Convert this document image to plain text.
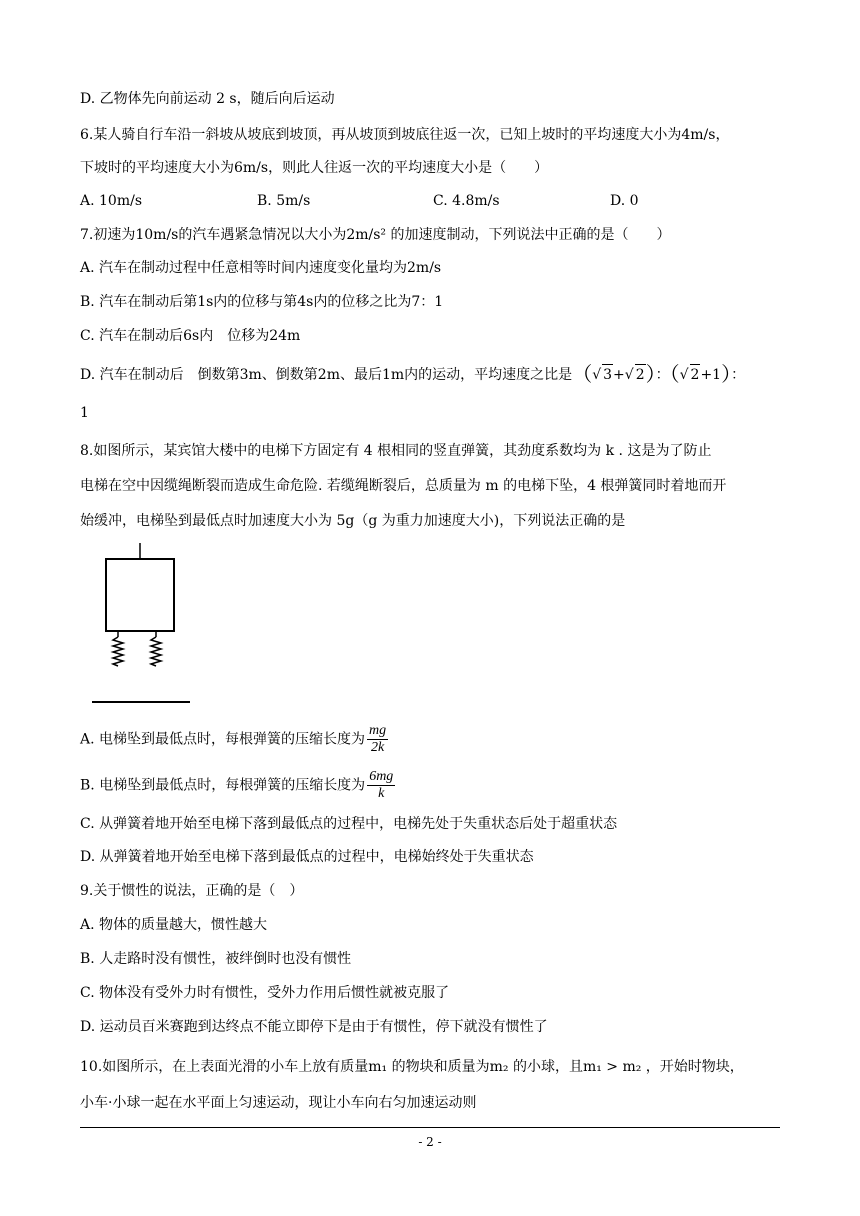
D. 乙物体先向前运动 2 s，随后向后运动
6.某人骑自行车沿一斜坡从坡底到坡顶，再从坡顶到坡底往返一次，已知上坡时的平均速度大小为4m/s，
下坡时的平均速度大小为6m/s，则此人往返一次的平均速度大小是（　　）
A. 10m/s	B. 5m/s	C. 4.8m/s	D. 0
7.初速为10m/s的汽车遇紧急情况以大小为2m/s² 的加速度制动，下列说法中正确的是（　　）
A. 汽车在制动过程中任意相等时间内速度变化量均为2m/s
B. 汽车在制动后第1s内的位移与第4s内的位移之比为7：1
C. 汽车在制动后6s内　位移为24m
D. 汽车在制动后　倒数第3m、倒数第2m、最后1m内的运动，平均速度之比是（√ 3+√ 2）：（√ 2+1）：
1
8.如图所示，某宾馆大楼中的电梯下方固定有 4 根相同的竖直弹簧，其劲度系数均为 k . 这是为了防止
电梯在空中因缆绳断裂而造成生命危险. 若缆绳断裂后，总质量为 m 的电梯下坠，4 根弹簧同时着地而开
始缓冲，电梯坠到最低点时加速度大小为 5g（g 为重力加速度大小)，下列说法正确的是
A. 电梯坠到最低点时，每根弹簧的压缩长度为 $\frac{mg}{2k}$
B. 电梯坠到最低点时，每根弹簧的压缩长度为 $\frac{6mg}{k}$
C. 从弹簧着地开始至电梯下落到最低点的过程中，电梯先处于失重状态后处于超重状态
D. 从弹簧着地开始至电梯下落到最低点的过程中，电梯始终处于失重状态
9.关于惯性的说法，正确的是（　）
A. 物体的质量越大，惯性越大
B. 人走路时没有惯性，被绊倒时也没有惯性
C. 物体没有受外力时有惯性，受外力作用后惯性就被克服了
D. 运动员百米赛跑到达终点不能立即停下是由于有惯性，停下就没有惯性了
10.如图所示，在上表面光滑的小车上放有质量m₁ 的物块和质量为m₂ 的小球，且m₁ > m₂ ，开始时物块，
小车·小球一起在水平面上匀速运动，现让小车向右匀加速运动则
- 2 -
